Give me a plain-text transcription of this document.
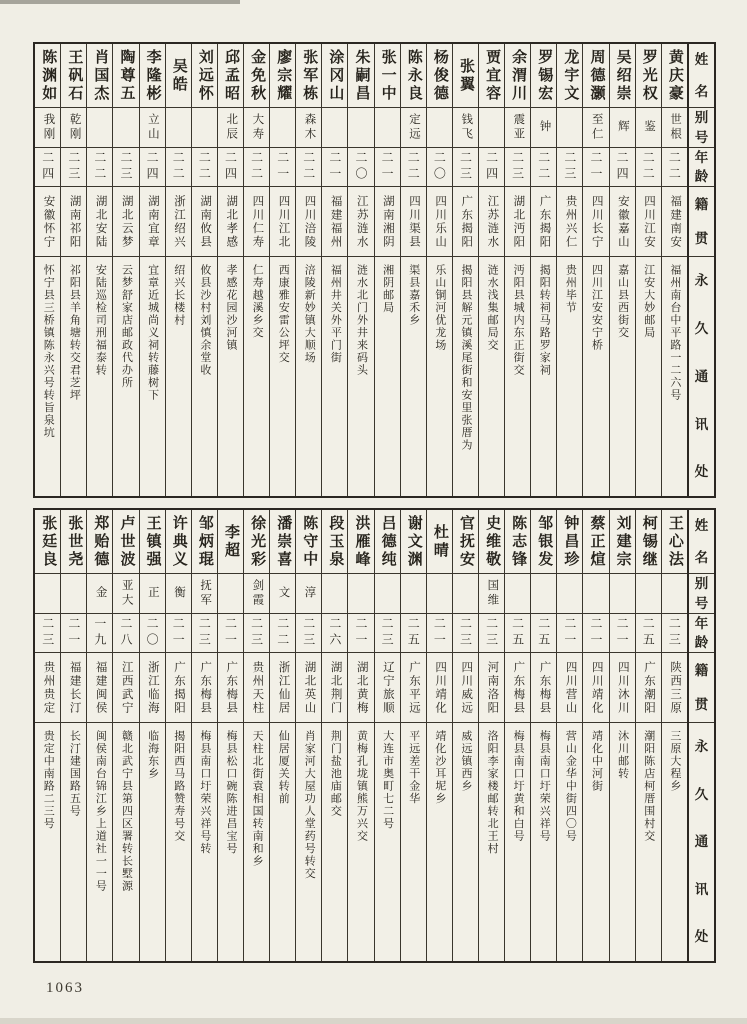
姓
名
别
号
年
龄
籍
贯
永
久
通
讯
处
黄庆豪
世根
二二
福建南安
福州南台中平路一二六号
罗光权
鉴
二二
四川江安
江安大妙邮局
吴绍崇
辉
二四
安徽嘉山
嘉山县西街交
周德灏
至仁
二一
四川长宁
四川江安安宁桥
龙宇文
二三
贵州兴仁
贵州毕节
罗锡宏
钟
二二
广东揭阳
揭阳转祠马路罗家祠
余渭川
震亚
二三
湖北沔阳
沔阳县城内东正街交
贾宜容
二四
江苏涟水
涟水浅集邮局交
张翼
钱飞
二三
广东揭阳
揭阳县解元镇溪尾街和安里张厝为
杨俊德
二〇
四川乐山
乐山铜河优龙场
陈永良
定远
二二
四川渠县
渠县嘉禾乡
张一中
二一
湖南湘阴
湘阴邮局
朱嗣昌
二〇
江苏涟水
涟水北门外井来码头
涂冈山
二一
福建福州
福州井关外平门街
张军栋
森木
二二
四川涪陵
涪陵新妙镇大顺场
廖宗耀
二一
四川江北
西康雅安雷公坪交
金免秋
大寿
二二
四川仁寿
仁寿越溪乡交
邱孟昭
北辰
二四
湖北孝感
孝感花园沙河镇
刘远怀
二二
湖南攸县
攸县沙村刘慎余堂收
吴皓
二二
浙江绍兴
绍兴长楼村
李隆彬
立山
二四
湖南宜章
宜章近城尚义祠转藤树下
陶尊五
二三
湖北云梦
云梦舒家店邮政代办所
肖国杰
二二
湖北安陆
安陆巡检司刑福泰转
王矾石
乾刚
二三
湖南祁阳
祁阳县羊角塘转交君芝坪
陈渊如
我刚
二四
安徽怀宁
怀宁县三桥镇陈永兴号转旨泉坑
姓
名
别
号
年
龄
籍
贯
永
久
通
讯
处
王心法
二三
陕西三原
三原大程乡
柯锡继
二五
广东潮阳
潮阳陈店柯厝围村交
刘建宗
二一
四川沐川
沐川邮转
蔡正煊
二一
四川靖化
靖化中河街
钟昌珍
二一
四川营山
营山金华中街四〇号
邹银发
二五
广东梅县
梅县南口圩荣兴祥号
陈志锋
二五
广东梅县
梅县南口圩黄和白号
史维敬
国维
二三
河南洛阳
洛阳李家楼邮转北王村
官抚安
二三
四川威远
威远镇西乡
杜晴
二一
四川靖化
靖化沙耳坭乡
谢文渊
二五
广东平远
平远差干金华
吕德纯
二三
辽宁旅顺
大连市奥町七二号
洪雁峰
二一
湖北黄梅
黄梅孔垅镇熊万兴交
段玉泉
二六
湖北荆门
荆门盐池庙邮交
陈守中
淳
二三
湖北英山
肖家河大屋功人堂药号转交
潘崇喜
文
二二
浙江仙居
仙居厦关转前
徐光彩
剑霞
二三
贵州天柱
天柱北街袁相国转南和乡
李超
二一
广东梅县
梅县松口碗陈进昌宝号
邹炳琨
抚军
二三
广东梅县
梅县南口圩荣兴祥号转
许典义
衡
二一
广东揭阳
揭阳西马路赞寿号交
王镇强
正
二〇
浙江临海
临海东乡
卢世波
亚大
二八
江西武宁
赣北武宁县第四区署转长墅源
郑贻德
金
一九
福建闽侯
闽侯南台锦江乡上道社一一号
张世尧
二一
福建长汀
长汀建国路五号
张廷良
二三
贵州贵定
贵定中南路二三号
1063
